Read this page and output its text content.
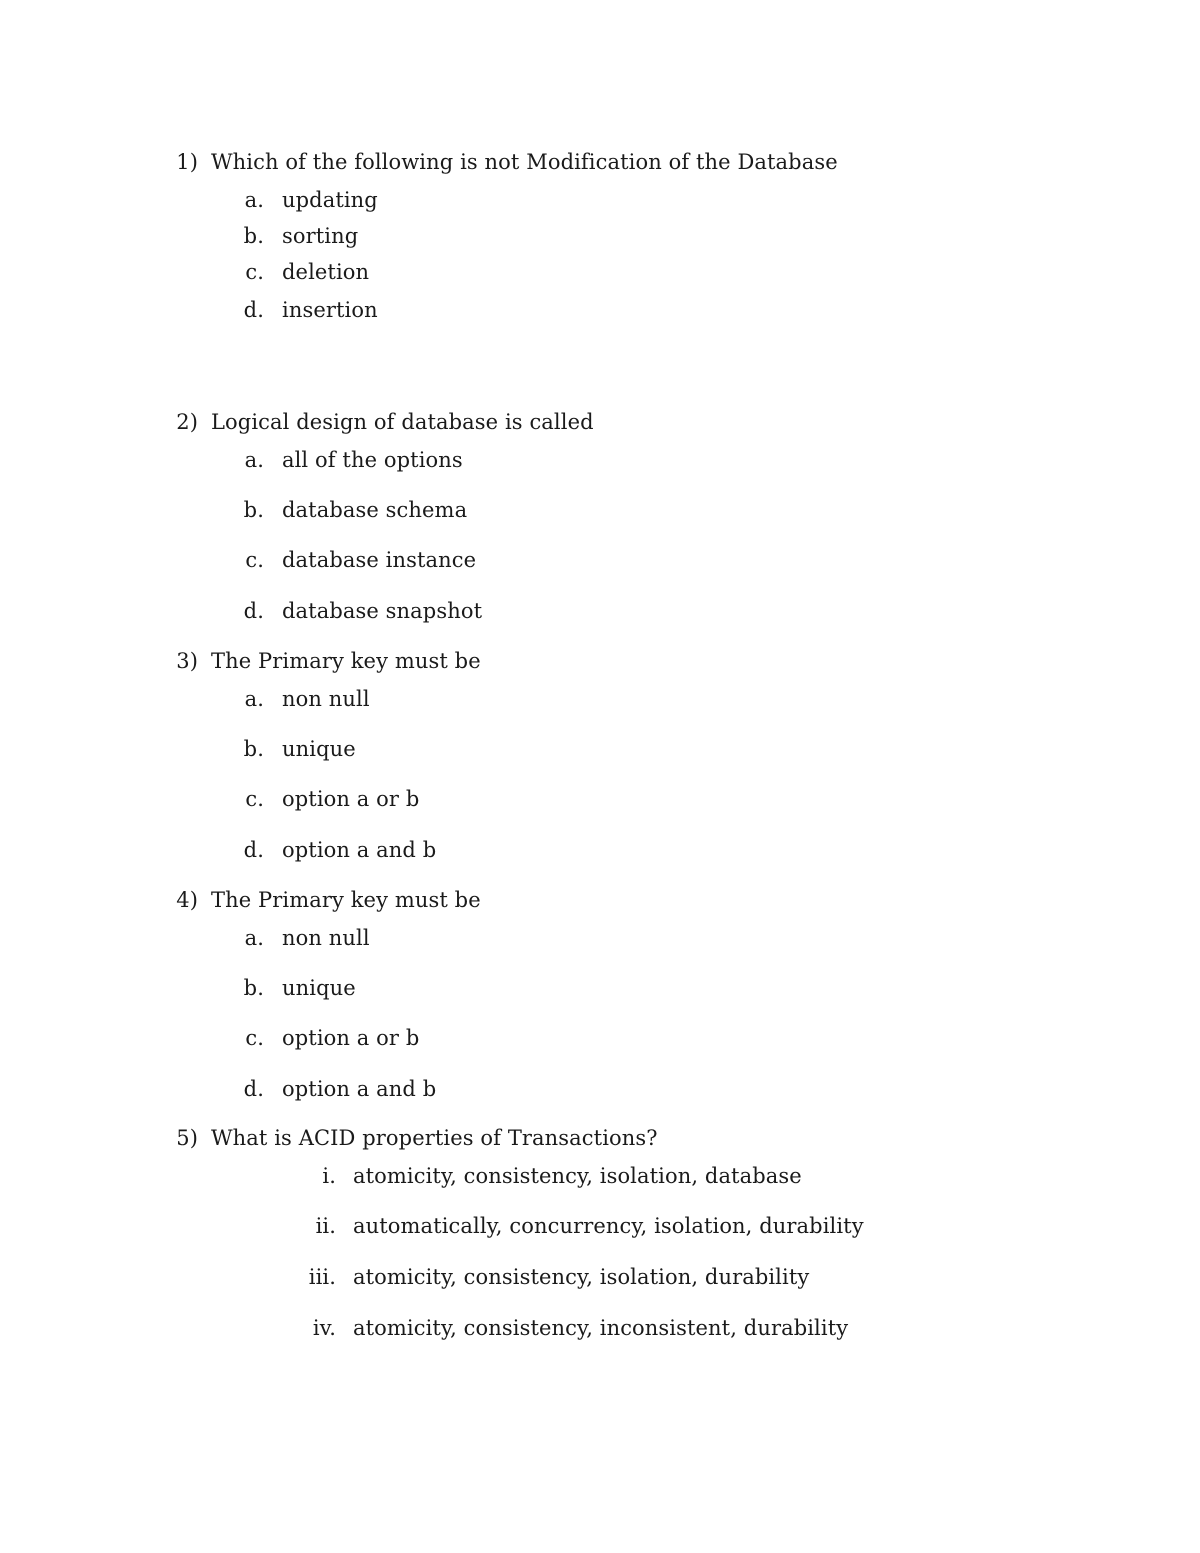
1) Which of the following is not Modification of the Database
a. updating
b. sorting
c. deletion
d. insertion
2) Logical design of database is called
a. all of the options
b. database schema
c. database instance
d. database snapshot
3) The Primary key must be
a. non null
b. unique
c. option a or b
d. option a and b
4) The Primary key must be
a. non null
b. unique
c. option a or b
d. option a and b
5) What is ACID properties of Transactions?
i. atomicity, consistency, isolation, database
ii. automatically, concurrency, isolation, durability
iii. atomicity, consistency, isolation, durability
iv. atomicity, consistency, inconsistent, durability
